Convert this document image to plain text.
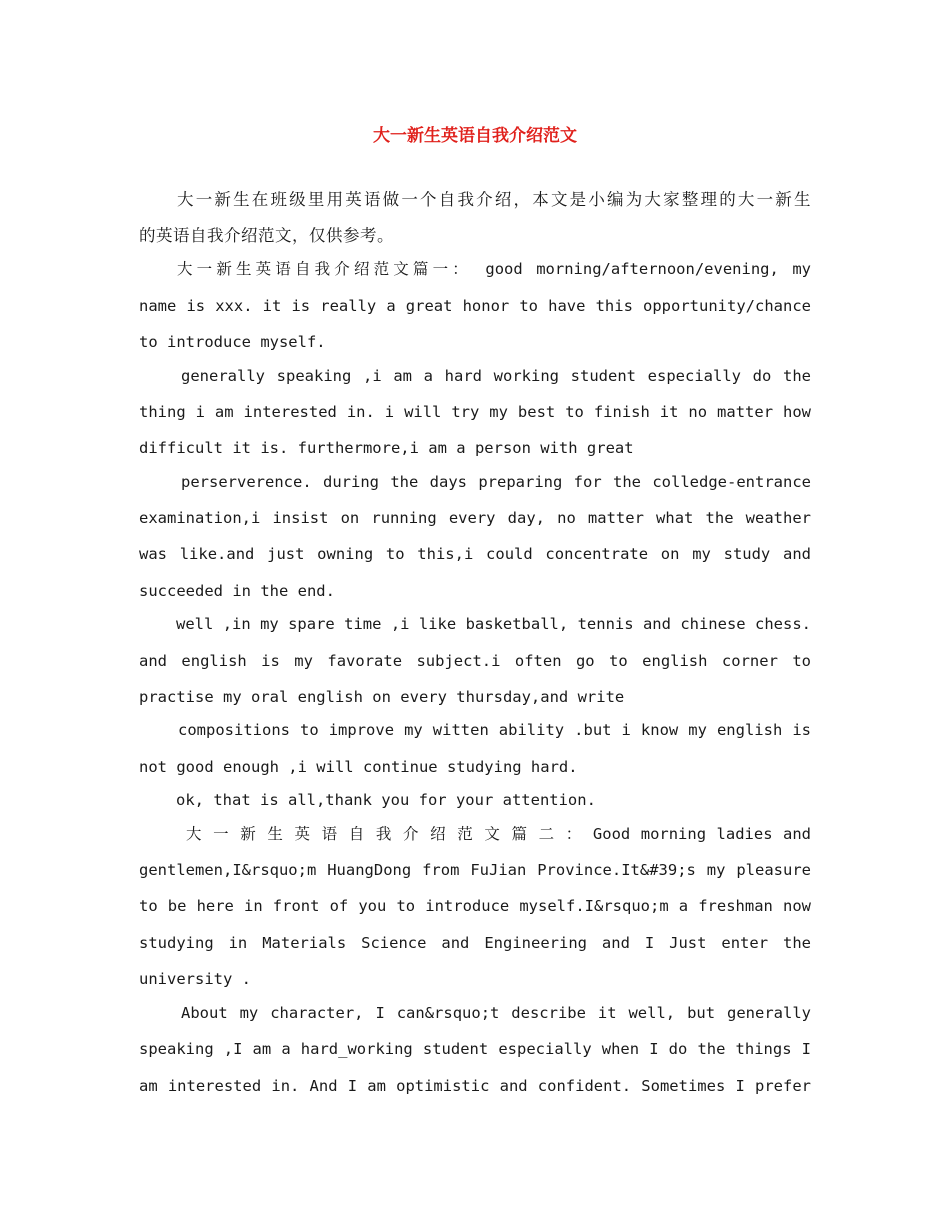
大一新生英语自我介绍范文
大一新生在班级里用英语做一个自我介绍，本文是小编为大家整理的大一新生
的英语自我介绍范文，仅供参考。
大一新生英语自我介绍范文篇一： good morning/afternoon/evening, my
name is xxx. it is really a great honor to have this opportunity/chance
to introduce myself.
generally speaking ,i am a hard working student especially do the
thing i am interested in. i will try my best to finish it no matter how
difficult it is. furthermore,i am a person with great
perserverence. during the days preparing for the colledge-entrance
examination,i insist on running every day, no matter what the weather
was like.and just owning to this,i could concentrate on my study and
succeeded in the end.
well ,in my spare time ,i like basketball, tennis and chinese chess.
and english is my favorate subject.i often go to english corner to
practise my oral english on every thursday,and write
compositions to improve my witten ability .but i know my english is
not good enough ,i will continue studying hard.
ok, that is all,thank you for your attention.
大 一 新 生 英 语 自 我 介 绍 范 文 篇 二 ： Good morning ladies and
gentlemen,I&rsquo;m HuangDong from FuJian Province.It&#39;s my pleasure
to be here in front of you to introduce myself.I&rsquo;m a freshman now
studying in Materials Science and Engineering and I Just enter the
university .
About my character, I can&rsquo;t describe it well, but generally
speaking ,I am a hard_working student especially when I do the things I
am interested in. And I am optimistic and confident. Sometimes I prefer
